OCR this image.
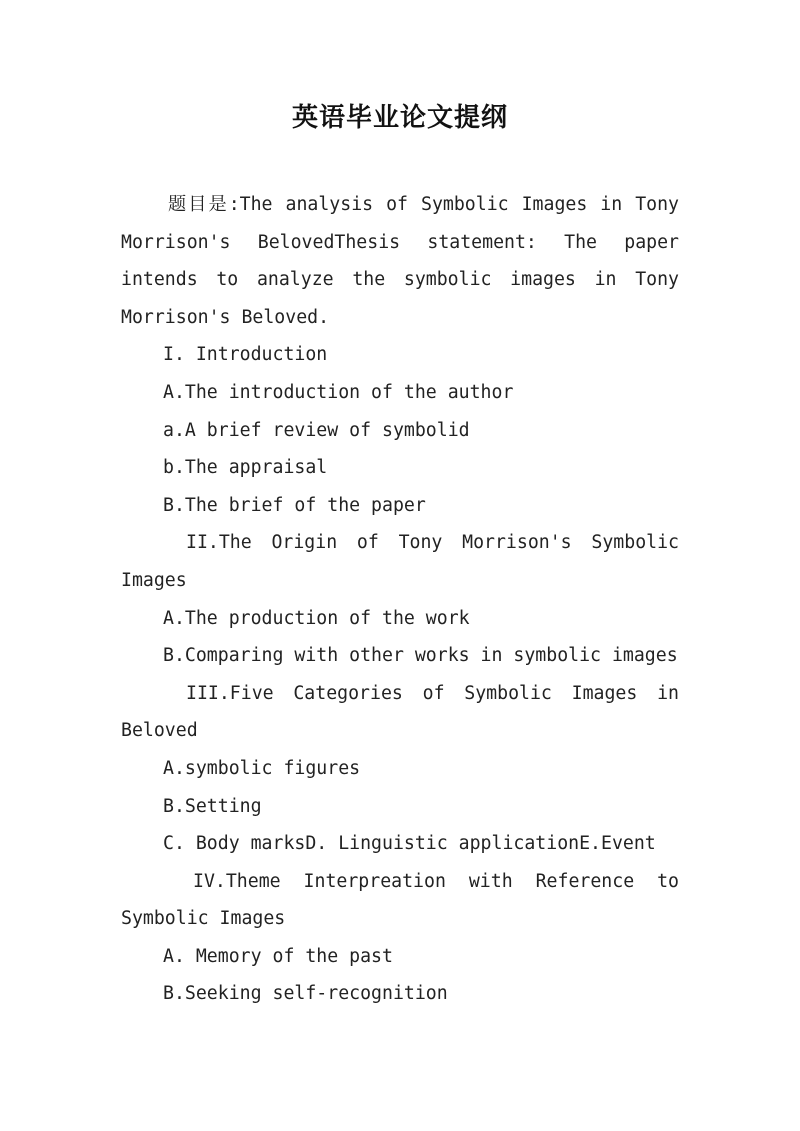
英语毕业论文提纲

题目是:The analysis of Symbolic Images in Tony Morrison's BelovedThesis statement: The paper intends to analyze the symbolic images in Tony Morrison's Beloved.

I. Introduction

A.The introduction of the author

a.A brief review of symbolid

b.The appraisal

B.The brief of the paper

II.The Origin of Tony Morrison's Symbolic Images

A.The production of the work

B.Comparing with other works in symbolic images

III.Five Categories of Symbolic Images in Beloved

A.symbolic figures

B.Setting

C. Body marksD. Linguistic applicationE.Event

IV.Theme Interpreation with Reference to Symbolic Images

A. Memory of the past

B.Seeking self-recognition
